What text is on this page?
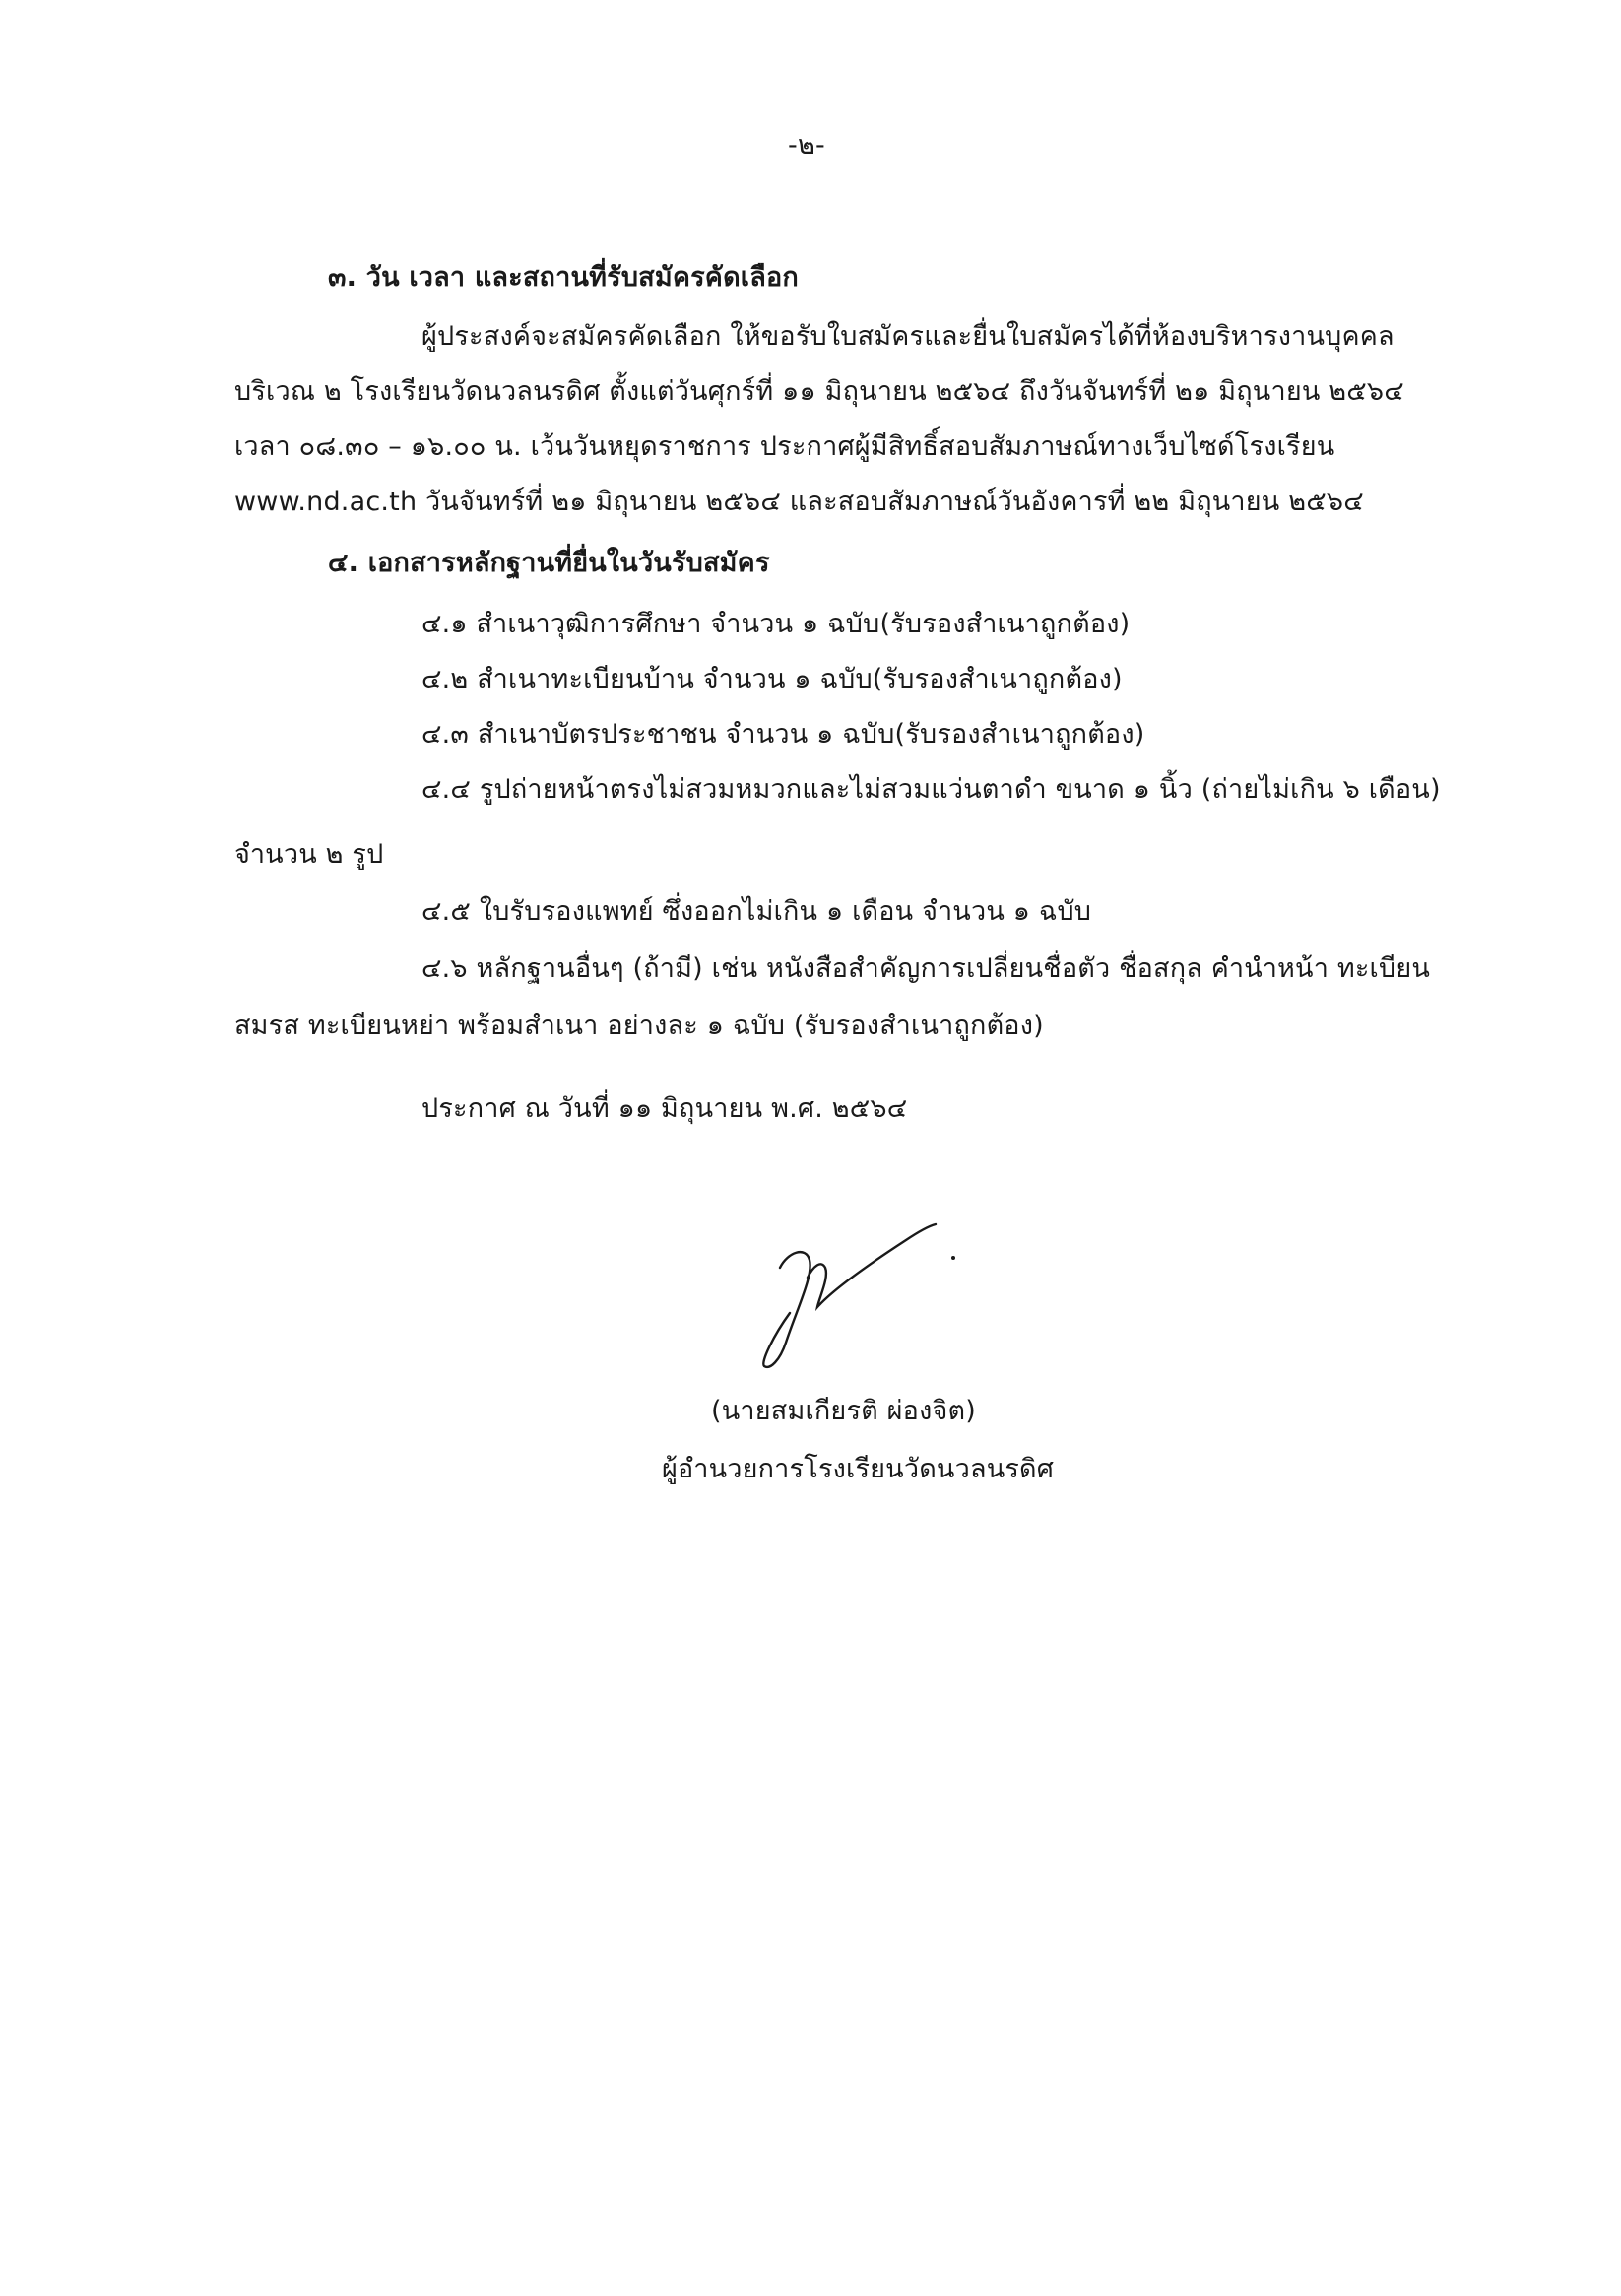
-๒-
๓. วัน เวลา และสถานที่รับสมัครคัดเลือก
ผู้ประสงค์จะสมัครคัดเลือก ให้ขอรับใบสมัครและยื่นใบสมัครได้ที่ห้องบริหารงานบุคคล
บริเวณ ๒ โรงเรียนวัดนวลนรดิศ ตั้งแต่วันศุกร์ที่ ๑๑ มิถุนายน ๒๕๖๔ ถึงวันจันทร์ที่ ๒๑ มิถุนายน ๒๕๖๔
เวลา ๐๘.๓๐ – ๑๖.๐๐ น. เว้นวันหยุดราชการ ประกาศผู้มีสิทธิ์สอบสัมภาษณ์ทางเว็บไซด์โรงเรียน
www.nd.ac.th วันจันทร์ที่ ๒๑ มิถุนายน ๒๕๖๔ และสอบสัมภาษณ์วันอังคารที่ ๒๒ มิถุนายน ๒๕๖๔
๔. เอกสารหลักฐานที่ยื่นในวันรับสมัคร
๔.๑ สำเนาวุฒิการศึกษา จำนวน ๑ ฉบับ(รับรองสำเนาถูกต้อง)
๔.๒ สำเนาทะเบียนบ้าน จำนวน ๑ ฉบับ(รับรองสำเนาถูกต้อง)
๔.๓ สำเนาบัตรประชาชน จำนวน ๑ ฉบับ(รับรองสำเนาถูกต้อง)
๔.๔ รูปถ่ายหน้าตรงไม่สวมหมวกและไม่สวมแว่นตาดำ ขนาด ๑ นิ้ว (ถ่ายไม่เกิน ๖ เดือน)
จำนวน ๒ รูป
๔.๕ ใบรับรองแพทย์ ซึ่งออกไม่เกิน ๑ เดือน จำนวน ๑ ฉบับ
๔.๖ หลักฐานอื่นๆ (ถ้ามี) เช่น หนังสือสำคัญการเปลี่ยนชื่อตัว ชื่อสกุล คำนำหน้า ทะเบียน
สมรส ทะเบียนหย่า พร้อมสำเนา อย่างละ ๑ ฉบับ (รับรองสำเนาถูกต้อง)
ประกาศ ณ วันที่ ๑๑ มิถุนายน พ.ศ. ๒๕๖๔
(นายสมเกียรติ ผ่องจิต)
ผู้อำนวยการโรงเรียนวัดนวลนรดิศ
